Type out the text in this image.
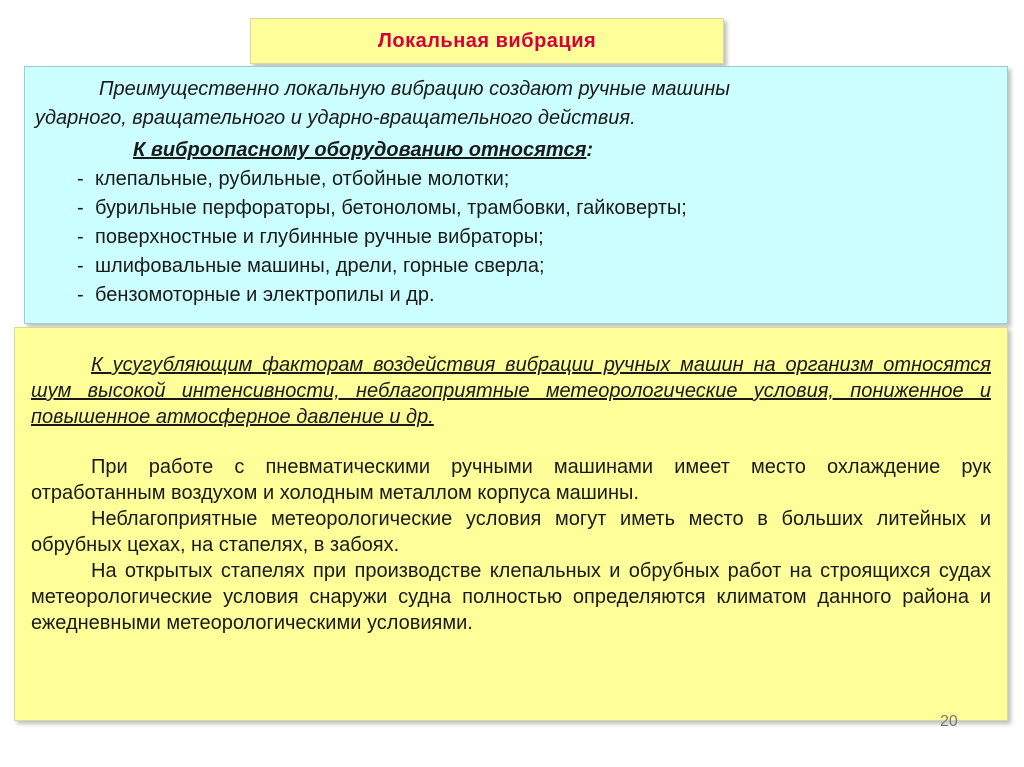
Локальная вибрация
Преимущественно локальную вибрацию создают ручные машины
ударного, вращательного и ударно-вращательного действия.
К виброопасному оборудованию относятся:
- клепальные, рубильные, отбойные молотки;
- бурильные перфораторы, бетоноломы, трамбовки, гайковерты;
- поверхностные и глубинные ручные вибраторы;
- шлифовальные машины, дрели, горные сверла;
- бензомоторные и электропилы и др.

К усугубляющим факторам воздействия вибрации ручных машин на организм относятся шум высокой интенсивности, неблагоприятные метеорологические условия, пониженное и повышенное атмосферное давление и др.

При работе с пневматическими ручными машинами имеет место охлаждение рук отработанным воздухом и холодным металлом корпуса машины.

Неблагоприятные метеорологические условия могут иметь место в больших литейных и обрубных цехах, на стапелях, в забоях.

На открытых стапелях при производстве клепальных и обрубных работ на строящихся судах метеорологические условия снаружи судна полностью определяются климатом данного района и ежедневными метеорологическими условиями.

20
